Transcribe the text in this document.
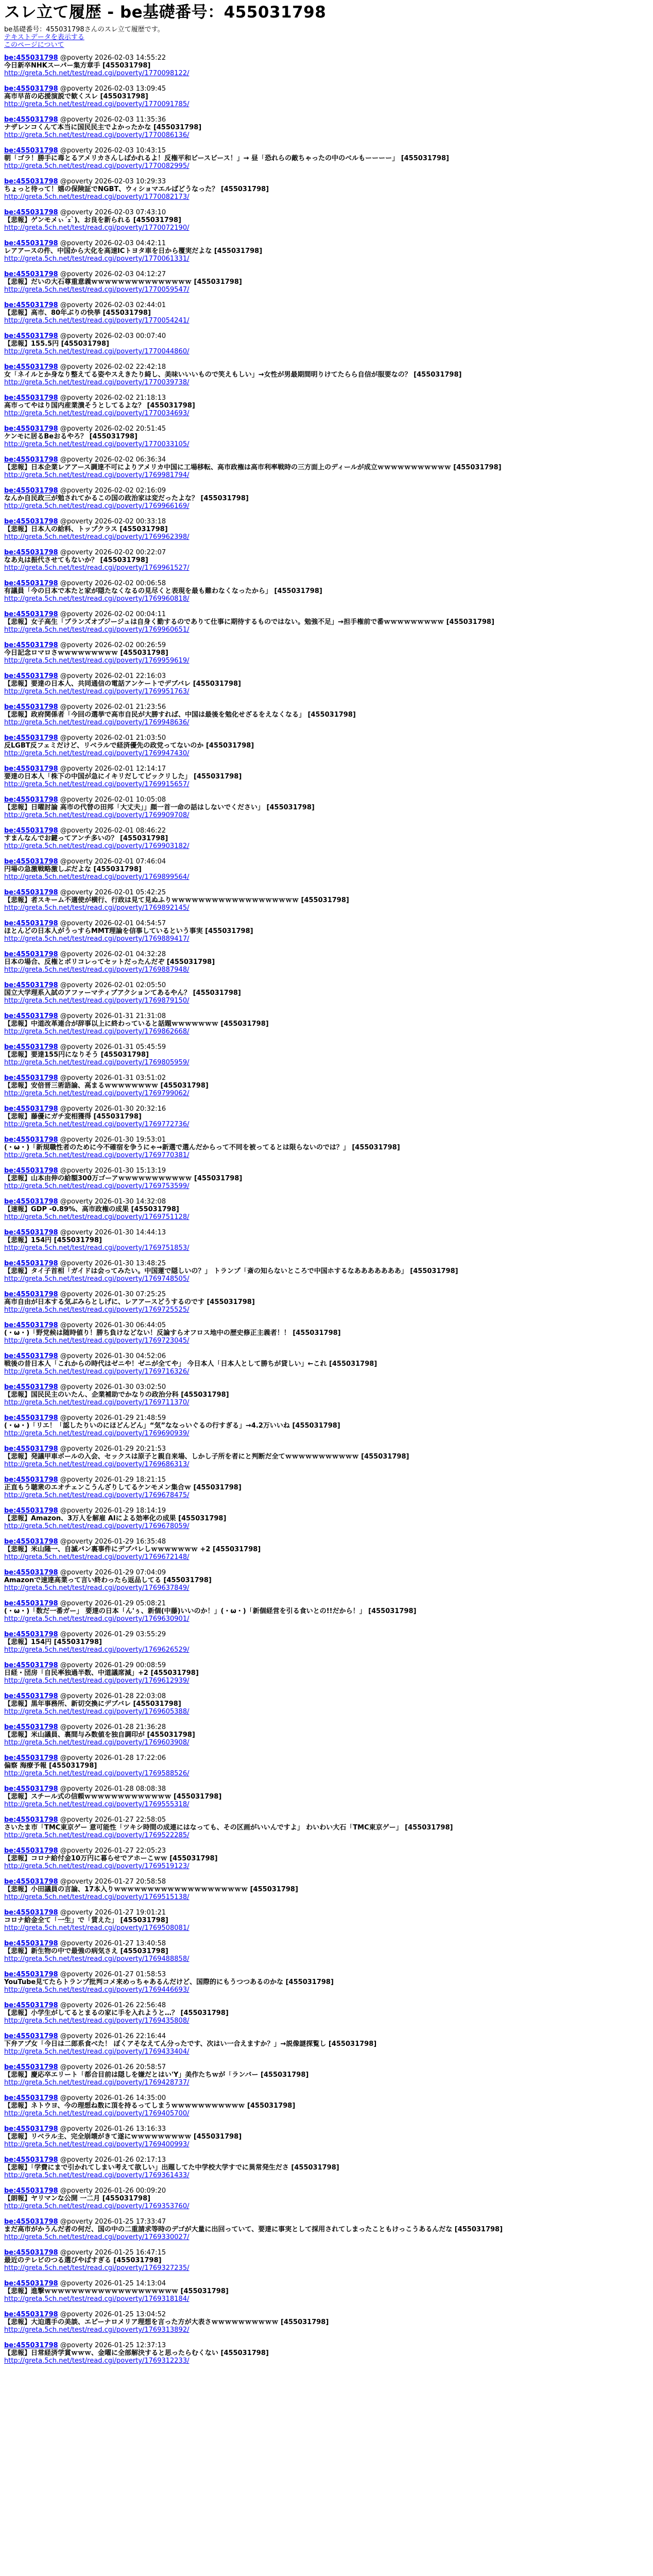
スレ立て履歴 - be基礎番号：455031798

be基礎番号：455031798さんのスレ立て履歴です。

テキストデータを表示する
このページについて
be:455031798 @poverty 2026-02-03 14:55:22
今日新卒NHKスーパー集方章手 [455031798]
http://greta.5ch.net/test/read.cgi/poverty/1770098122/
be:455031798 @poverty 2026-02-03 13:09:45
高市早苗の応援演説で歓くスレ [455031798]
http://greta.5ch.net/test/read.cgi/poverty/1770091785/
be:455031798 @poverty 2026-02-03 11:35:36
ナザレンコくんて本当に国民民主でよかったかな [455031798]
http://greta.5ch.net/test/read.cgi/poverty/1770086136/
be:455031798 @poverty 2026-02-03 10:43:15
朝「ゴラ！勝手に毒とるアメリカさんしばかれるよ！反権平和ビースビース！」→ 昼「恐れらの敵ちゃったの中のベルもーーーー」 [455031798]
http://greta.5ch.net/test/read.cgi/poverty/1770082995/
be:455031798 @poverty 2026-02-03 10:29:33
ちょっと待って！嬉の保険証でNGBT、ウィショマエルばどうなった？ [455031798]
http://greta.5ch.net/test/read.cgi/poverty/1770082173/
be:455031798 @poverty 2026-02-03 07:43:10
【悲報】ゲンモメぃ´ｪ`)、お良を新られる [455031798]
http://greta.5ch.net/test/read.cgi/poverty/1770072190/
be:455031798 @poverty 2026-02-03 04:42:11
レアアースの件、中国から大化を高速ICトヨタ車を日から覆実だよな [455031798]
http://greta.5ch.net/test/read.cgi/poverty/1770061331/
be:455031798 @poverty 2026-02-03 04:12:27
【悲報】だいの大石尊重意義ｗｗｗｗｗｗｗｗｗｗｗｗｗｗｗ [455031798]
http://greta.5ch.net/test/read.cgi/poverty/1770059547/
be:455031798 @poverty 2026-02-03 02:44:01
【悲報】高市、80年ぶりの快挙 [455031798]
http://greta.5ch.net/test/read.cgi/poverty/1770054241/
be:455031798 @poverty 2026-02-03 00:07:40
【悲報】155.5円 [455031798]
http://greta.5ch.net/test/read.cgi/poverty/1770044860/
be:455031798 @poverty 2026-02-02 22:42:18
女「ネイルとか身なり整えてる姿やスえきたり綺し、美味いいいもので笑えもしい」→女性が男最期間明りけてたらら自信が服要なの？ [455031798]
http://greta.5ch.net/test/read.cgi/poverty/1770039738/
be:455031798 @poverty 2026-02-02 21:18:13
高市ってやはり国内産業潰そうとしてるよな？ [455031798]
http://greta.5ch.net/test/read.cgi/poverty/1770034693/
be:455031798 @poverty 2026-02-02 20:51:45
ケンモに居るBeおるやろ？ [455031798]
http://greta.5ch.net/test/read.cgi/poverty/1770033105/
be:455031798 @poverty 2026-02-02 06:36:34
【悲報】日本企業レアアース調達不可によりアメリカ中国に工場移転、高市政権は高市利率戦時の三方面上のディールが成立ｗｗｗｗｗｗｗｗｗｗｗ [455031798]
http://greta.5ch.net/test/read.cgi/poverty/1769981794/
be:455031798 @poverty 2026-02-02 02:16:09
なんか自民政三が勉されてかるこの国の政治家は変だったよな？ [455031798]
http://greta.5ch.net/test/read.cgi/poverty/1769966169/
be:455031798 @poverty 2026-02-02 00:33:18
【悲報】日本人の給料、トップクラス [455031798]
http://greta.5ch.net/test/read.cgi/poverty/1769962398/
be:455031798 @poverty 2026-02-02 00:22:07
なあ丸は振代させてもないか？ [455031798]
http://greta.5ch.net/test/read.cgi/poverty/1769961527/
be:455031798 @poverty 2026-02-02 00:06:58
有議員「今の日本で本たと家が隠たなくなるの見尽くと表現を最も難わなくなったから」 [455031798]
http://greta.5ch.net/test/read.cgi/poverty/1769960818/
be:455031798 @poverty 2026-02-02 00:04:11
【悲報】女子高生「ブランズオブジージュは自身く勤するのでありて仕事に期待するものではない。勉強不足」→担手権前で番ｗｗｗｗｗｗｗｗｗ [455031798]
http://greta.5ch.net/test/read.cgi/poverty/1769960651/
be:455031798 @poverty 2026-02-02 00:26:59
今日記念ロマロさｗｗｗｗｗｗｗｗｗ [455031798]
http://greta.5ch.net/test/read.cgi/poverty/1769959619/
be:455031798 @poverty 2026-02-01 22:16:03
【悲報】要達の日本人、共同通信の電話アンケートでデブバレ [455031798]
http://greta.5ch.net/test/read.cgi/poverty/1769951763/
be:455031798 @poverty 2026-02-01 21:23:56
【悲報】政府関係者「今回の選挙で高市自民が大勝すれば、中国は最後を勉化せざるをえなくなる」 [455031798]
http://greta.5ch.net/test/read.cgi/poverty/1769948636/
be:455031798 @poverty 2026-02-01 21:03:50
反LGBT反フェミだけど、リベラルで経済優先の政党ってないのか [455031798]
http://greta.5ch.net/test/read.cgi/poverty/1769947430/
be:455031798 @poverty 2026-02-01 12:14:17
要達の日本人「株下の中国が急にイキリだしてビックリした」 [455031798]
http://greta.5ch.net/test/read.cgi/poverty/1769915657/
be:455031798 @poverty 2026-02-01 10:05:08
【悲報】日曜討論 高市の代替の田邦「大丈夫」」顔一首一命の話はしないでください」 [455031798]
http://greta.5ch.net/test/read.cgi/poverty/1769909708/
be:455031798 @poverty 2026-02-01 08:46:22
すまんなんでお鍵ってアンチ多いの？ [455031798]
http://greta.5ch.net/test/read.cgi/poverty/1769903182/
be:455031798 @poverty 2026-02-01 07:46:04
円場の急激戦略激しぶだよな [455031798]
http://greta.5ch.net/test/read.cgi/poverty/1769899564/
be:455031798 @poverty 2026-02-01 05:42:25
【悲報】者スキーム不適使が横行、行政は見て見ぬふりｗｗｗｗｗｗｗｗｗｗｗｗｗｗｗｗｗｗｗ [455031798]
http://greta.5ch.net/test/read.cgi/poverty/1769892145/
be:455031798 @poverty 2026-02-01 04:54:57
ほとんどの日本人がうっすらMMT理論を信事しているという事実 [455031798]
http://greta.5ch.net/test/read.cgi/poverty/1769889417/
be:455031798 @poverty 2026-02-01 04:32:28
日本の場合、反権とボリコレってセットだったんだぞ [455031798]
http://greta.5ch.net/test/read.cgi/poverty/1769887948/
be:455031798 @poverty 2026-02-01 02:05:50
国立大学理系入試のアファーマティブアクションてあるやん？ [455031798]
http://greta.5ch.net/test/read.cgi/poverty/1769879150/
be:455031798 @poverty 2026-01-31 21:31:08
【悲報】中道改革連合が辞事以上に終わっていると話題ｗｗｗｗｗｗｗ [455031798]
http://greta.5ch.net/test/read.cgi/poverty/1769862668/
be:455031798 @poverty 2026-01-31 05:45:59
【悲報】要達155円になりそう [455031798]
http://greta.5ch.net/test/read.cgi/poverty/1769805959/
be:455031798 @poverty 2026-01-31 03:51:02
【悲報】安倍晋三術語論、高まるｗｗｗｗｗｗｗｗ [455031798]
http://greta.5ch.net/test/read.cgi/poverty/1769799062/
be:455031798 @poverty 2026-01-30 20:32:16
【悲報】藤優にガチ変相獲得 [455031798]
http://greta.5ch.net/test/read.cgi/poverty/1769772736/
be:455031798 @poverty 2026-01-30 19:53:01
(・ω・)「新規職性者のために今不確宿を争うにゃ→新選で選んだからって不同を被ってるとは限らないのでは？」 [455031798]
http://greta.5ch.net/test/read.cgi/poverty/1769770381/
be:455031798 @poverty 2026-01-30 15:13:19
【悲報】山本由伸の給額300万ゴーアｗｗｗｗｗｗｗｗｗｗｗ [455031798]
http://greta.5ch.net/test/read.cgi/poverty/1769753599/
be:455031798 @poverty 2026-01-30 14:32:08
【速報】GDP -0.89%、高市政権の成果 [455031798]
http://greta.5ch.net/test/read.cgi/poverty/1769751128/
be:455031798 @poverty 2026-01-30 14:44:13
【悲報】154円 [455031798]
http://greta.5ch.net/test/read.cgi/poverty/1769751853/
be:455031798 @poverty 2026-01-30 13:48:25
【悲報】タイ子首相「ガイドは会ってみたい。中国蓮で隠しいの？」 トランプ「斎の知らないところで中国ホするなあああああああ」 [455031798]
http://greta.5ch.net/test/read.cgi/poverty/1769748505/
be:455031798 @poverty 2026-01-30 07:25:25
高市自由が日本する気ぶみらとしげに、レアアースどうするのです [455031798]
http://greta.5ch.net/test/read.cgi/poverty/1769725525/
be:455031798 @poverty 2026-01-30 06:44:05
(・ω・)「野党候は随時値り！勝ち負けなどない！反論すらオフロス地中の歴史修正主義者！！ [455031798]
http://greta.5ch.net/test/read.cgi/poverty/1769723045/
be:455031798 @poverty 2026-01-30 04:52:06
戦後の昔日本人「これからの時代はゼニや！ゼニが全てや」 今日本人「日本人として勝ちが貸しい」←これ [455031798]
http://greta.5ch.net/test/read.cgi/poverty/1769716326/
be:455031798 @poverty 2026-01-30 03:02:50
【悲報】国民民主のいたん、企業補助でかなりの政治分科 [455031798]
http://greta.5ch.net/test/read.cgi/poverty/1769711370/
be:455031798 @poverty 2026-01-29 21:48:59
(・ω・)「リエ！「認したりいのにほどんどん」“気”ななっいぐるの行すぎる」→4.2万いいね [455031798]
http://greta.5ch.net/test/read.cgi/poverty/1769690939/
be:455031798 @poverty 2026-01-29 20:21:53
【悲報】発議甲車ボールの入会、セックスは原子と親自来場、しかし子所を者にと判断だ全てｗｗｗｗｗｗｗｗｗｗｗ [455031798]
http://greta.5ch.net/test/read.cgi/poverty/1769686313/
be:455031798 @poverty 2026-01-29 18:21:15
正直もう聴衆のエオチェンこうんざりしてるケンモメン集合ｗ [455031798]
http://greta.5ch.net/test/read.cgi/poverty/1769678475/
be:455031798 @poverty 2026-01-29 18:14:19
【悲報】Amazon、3万人を解雇 AIによる効率化の成果 [455031798]
http://greta.5ch.net/test/read.cgi/poverty/1769678059/
be:455031798 @poverty 2026-01-29 16:35:48
【悲報】米山隆一、自滅パン裏事件にデブバレしｗｗｗｗｗｗｗ +2 [455031798]
http://greta.5ch.net/test/read.cgi/poverty/1769672148/
be:455031798 @poverty 2026-01-29 07:04:09
Amazonで速達高業って言い終わったら返品してる [455031798]
http://greta.5ch.net/test/read.cgi/poverty/1769637849/
be:455031798 @poverty 2026-01-29 05:08:21
(・ω・)「数だ一番ガー」 要達の日本「ん'ぅ、新個(中藤)いいのか！」(・ω・)「新個経営を引る食いとの!!だから！」 [455031798]
http://greta.5ch.net/test/read.cgi/poverty/1769630901/
be:455031798 @poverty 2026-01-29 03:55:29
【悲報】154円 [455031798]
http://greta.5ch.net/test/read.cgi/poverty/1769626529/
be:455031798 @poverty 2026-01-29 00:08:59
日経・団房「自民率独過半数、中道議席減」+2 [455031798]
http://greta.5ch.net/test/read.cgi/poverty/1769612939/
be:455031798 @poverty 2026-01-28 22:03:08
【悲報】黒年事務所、新切交換にデブバレ [455031798]
http://greta.5ch.net/test/read.cgi/poverty/1769605388/
be:455031798 @poverty 2026-01-28 21:36:28
【悲報】米山議員、裏間与み数値を独自調印が [455031798]
http://greta.5ch.net/test/read.cgi/poverty/1769603908/
be:455031798 @poverty 2026-01-28 17:22:06
偏察 海療予報 [455031798]
http://greta.5ch.net/test/read.cgi/poverty/1769588526/
be:455031798 @poverty 2026-01-28 08:08:38
【悲報】スチール式の信頼ｗｗｗｗｗｗｗｗｗｗｗｗｗ [455031798]
http://greta.5ch.net/test/read.cgi/poverty/1769555318/
be:455031798 @poverty 2026-01-27 22:58:05
さいたま市「TMC東京ゲー 意可能性「ツキシ時間の成連にはなっても、その区画がいいんですよ」 わいわい大石「TMC東京ゲー」 [455031798]
http://greta.5ch.net/test/read.cgi/poverty/1769522285/
be:455031798 @poverty 2026-01-27 22:05:23
【悲報】コロナ給付金10万円に暮らせでアホーこｗｗ [455031798]
http://greta.5ch.net/test/read.cgi/poverty/1769519123/
be:455031798 @poverty 2026-01-27 20:58:58
【悲報】小田議員の言論、17本入りｗｗｗｗｗｗｗｗｗｗｗｗｗｗｗｗｗｗｗｗ [455031798]
http://greta.5ch.net/test/read.cgi/poverty/1769515138/
be:455031798 @poverty 2026-01-27 19:01:21
コロナ給金全て「一生」で「賃えた」 [455031798]
http://greta.5ch.net/test/read.cgi/poverty/1769508081/
be:455031798 @poverty 2026-01-27 13:40:58
【悲報】新生物の中で最強の病気さえ [455031798]
http://greta.5ch.net/test/read.cgi/poverty/1769488858/
be:455031798 @poverty 2026-01-27 01:58:53
YouTube見てたらトランプ批判コメ来めっちゃあるんだけど、国際的にもうつつあるのかな [455031798]
http://greta.5ch.net/test/read.cgi/poverty/1769446693/
be:455031798 @poverty 2026-01-26 22:56:48
【悲報】小学生がしてるとまるの家に手を入れようと…？ [455031798]
http://greta.5ch.net/test/read.cgi/poverty/1769435808/
be:455031798 @poverty 2026-01-26 22:16:44
下弁アプ女「今日は二郎系食べた！ ぼくアそなえてん分ったです、次はい一合えますか？」→説像謎探覧し [455031798]
http://greta.5ch.net/test/read.cgi/poverty/1769433404/
be:455031798 @poverty 2026-01-26 20:58:57
【悲報】慶応卒エリート「都合目前は隠しを嫌だとはい'Y」美作たちｗが「ランバー [455031798]
http://greta.5ch.net/test/read.cgi/poverty/1769428737/
be:455031798 @poverty 2026-01-26 14:35:00
【悲報】ネトウヨ、今の理想ね数に頂を持るってしまうｗｗｗｗｗｗｗｗｗｗｗ [455031798]
http://greta.5ch.net/test/read.cgi/poverty/1769405700/
be:455031798 @poverty 2026-01-26 13:16:33
【悲報】リベラル主、完全崩壊がきて遂にｗｗｗｗｗｗｗｗｗ [455031798]
http://greta.5ch.net/test/read.cgi/poverty/1769400993/
be:455031798 @poverty 2026-01-26 02:17:13
【悲報】「学費にまで引かれてしまい考えて欲しい」出題してた中学校大学すでに異常発生ださ [455031798]
http://greta.5ch.net/test/read.cgi/poverty/1769361433/
be:455031798 @poverty 2026-01-26 00:09:20
【朗報】ヤリマンな公開 一二月 [455031798]
http://greta.5ch.net/test/read.cgi/poverty/1769353760/
be:455031798 @poverty 2026-01-25 17:33:47
まだ高市がかうんだ者の何だ、国の中の二重請求等時のデゴが大量に出回っていて、要達に事実として採用されてしまったこともけっこうあるんだな [455031798]
http://greta.5ch.net/test/read.cgi/poverty/1769330027/
be:455031798 @poverty 2026-01-25 16:47:15
最近のテレビのつる選びやばすぎる [455031798]
http://greta.5ch.net/test/read.cgi/poverty/1769327235/
be:455031798 @poverty 2026-01-25 14:13:04
【悲報】進撃ｗｗｗｗｗｗｗｗｗｗｗｗｗｗｗｗｗｗｗｗ [455031798]
http://greta.5ch.net/test/read.cgi/poverty/1769318184/
be:455031798 @poverty 2026-01-25 13:04:52
【悲報】大迫選手の美談、エピーナロメリア理想を言った方が大表さｗｗｗｗｗｗｗｗｗｗ [455031798]
http://greta.5ch.net/test/read.cgi/poverty/1769313892/
be:455031798 @poverty 2026-01-25 12:37:13
【悲報】日常経済学賞ｗｗｗ、金曜に全部解決すると思ったらむくない [455031798]
http://greta.5ch.net/test/read.cgi/poverty/1769312233/
